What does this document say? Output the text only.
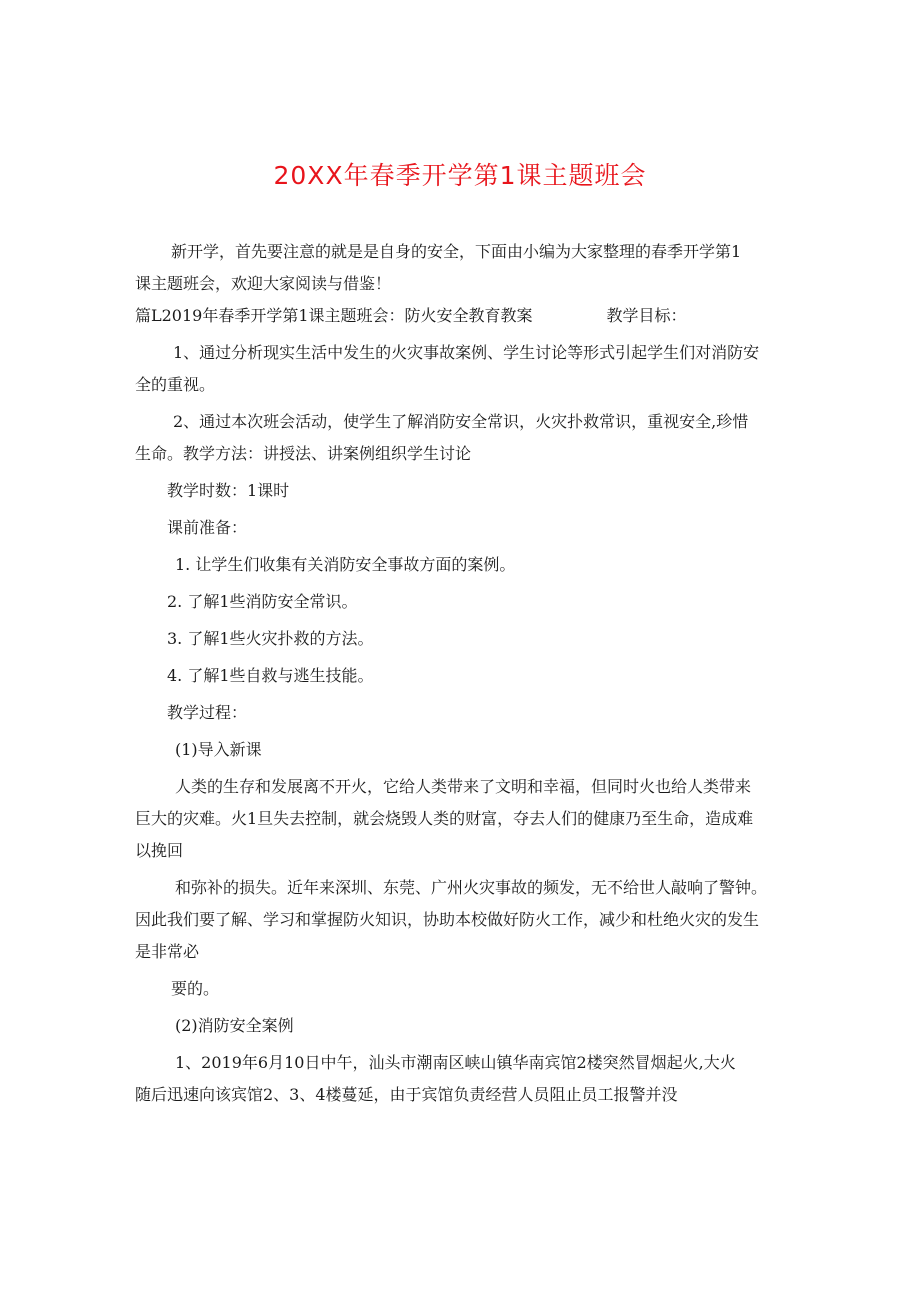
20XX年春季开学第1课主题班会

新开学，首先要注意的就是是自身的安全，下面由小编为大家整理的春季开学第1

课主题班会，欢迎大家阅读与借鉴！

篇L2019年春季开学第1课主题班会：防火安全教育教案	教学目标：

1、通过分析现实生活中发生的火灾事故案例、学生讨论等形式引起学生们对消防安

全的重视。

2、通过本次班会活动，使学生了解消防安全常识，火灾扑救常识，重视安全,珍惜

生命。教学方法：讲授法、讲案例组织学生讨论

教学时数：1课时

课前准备：

1. 让学生们收集有关消防安全事故方面的案例。

2. 了解1些消防安全常识。

3. 了解1些火灾扑救的方法。

4. 了解1些自救与逃生技能。

教学过程：

(1)导入新课

人类的生存和发展离不开火，它给人类带来了文明和幸福，但同时火也给人类带来

巨大的灾难。火1旦失去控制，就会烧毁人类的财富，夺去人们的健康乃至生命，造成难

以挽回

和弥补的损失。近年来深圳、东莞、广州火灾事故的频发，无不给世人敲响了警钟。

因此我们要了解、学习和掌握防火知识，协助本校做好防火工作，减少和杜绝火灾的发生

是非常必

要的。

(2)消防安全案例

1、2019年6月10日中午，汕头市潮南区峡山镇华南宾馆2楼突然冒烟起火,大火

随后迅速向该宾馆2、3、4楼蔓延，由于宾馆负责经营人员阻止员工报警并没
